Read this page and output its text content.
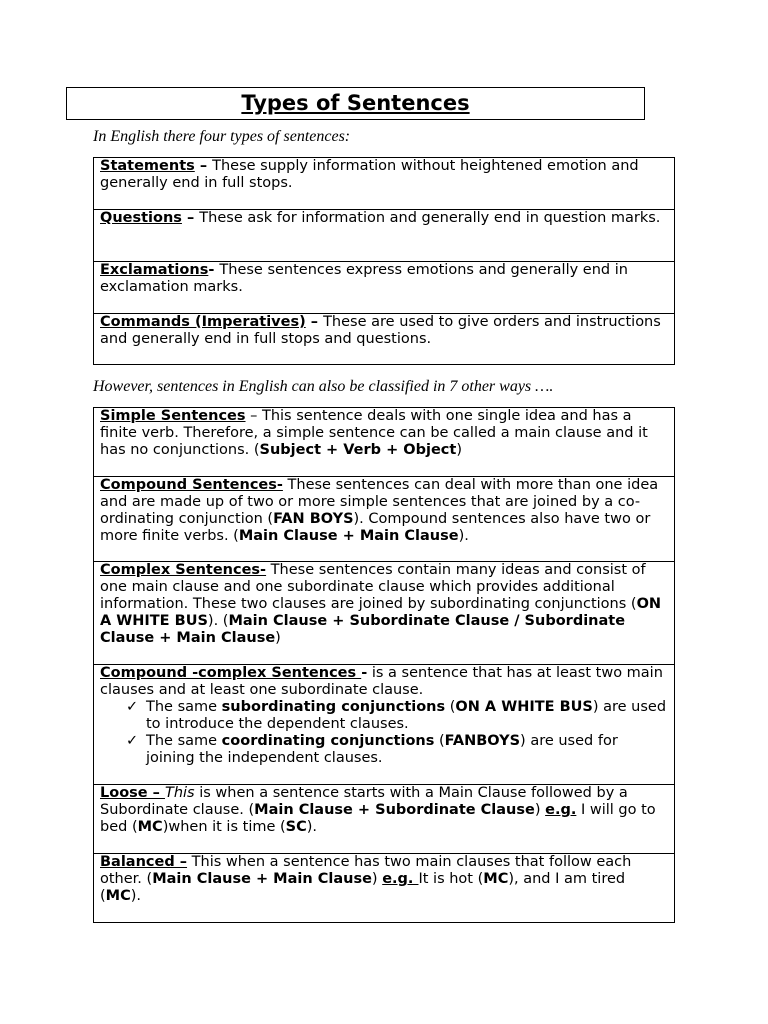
Types of Sentences

In English there four types of sentences:

Statements – These supply information without heightened emotion and generally end in full stops.
Questions – These ask for information and generally end in question marks.
Exclamations- These sentences express emotions and generally end in exclamation marks.
Commands (Imperatives) – These are used to give orders and instructions and generally end in full stops and questions.

However, sentences in English can also be classified in 7 other ways ….

Simple Sentences – This sentence deals with one single idea and has a finite verb. Therefore, a simple sentence can be called a main clause and it has no conjunctions. (Subject + Verb + Object)
Compound Sentences- These sentences can deal with more than one idea and are made up of two or more simple sentences that are joined by a co-ordinating conjunction (FAN BOYS). Compound sentences also have two or more finite verbs. (Main Clause + Main Clause).
Complex Sentences- These sentences contain many ideas and consist of one main clause and one subordinate clause which provides additional information. These two clauses are joined by subordinating conjunctions (ON A WHITE BUS). (Main Clause + Subordinate Clause / Subordinate Clause + Main Clause)
Compound -complex Sentences - is a sentence that has at least two main clauses and at least one subordinate clause.
✓ The same subordinating conjunctions (ON A WHITE BUS) are used to introduce the dependent clauses.
✓ The same coordinating conjunctions (FANBOYS) are used for joining the independent clauses.

Loose – This is when a sentence starts with a Main Clause followed by a Subordinate clause. (Main Clause + Subordinate Clause) e.g. I will go to bed (MC)when it is time (SC).
Balanced – This when a sentence has two main clauses that follow each other. (Main Clause + Main Clause) e.g. It is hot (MC), and I am tired (MC).
